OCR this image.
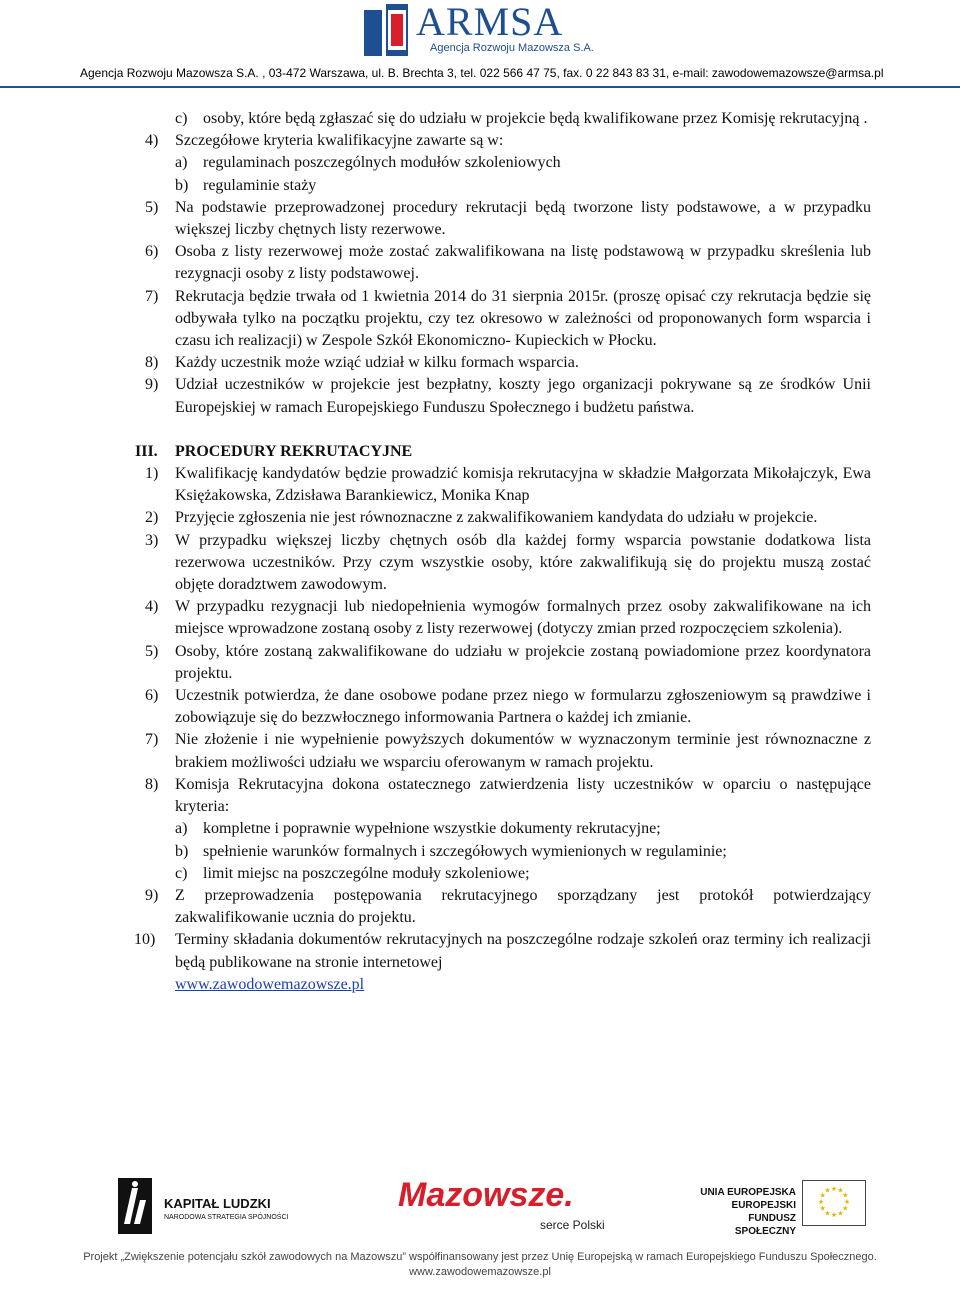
ARMSA
Agencja Rozwoju Mazowsza S.A.
Agencja Rozwoju Mazowsza S.A. , 03-472 Warszawa, ul. B. Brechta 3, tel. 022 566 47 75, fax. 0 22 843 83 31, e-mail: zawodowemazowsze@armsa.pl
c) osoby, które będą zgłaszać się do udziału w projekcie będą kwalifikowane przez Komisję rekrutacyjną .
4) Szczegółowe kryteria kwalifikacyjne zawarte są w:
a) regulaminach poszczególnych modułów szkoleniowych
b) regulaminie staży
5) Na podstawie przeprowadzonej procedury rekrutacji będą tworzone listy podstawowe, a w przypadku większej liczby chętnych listy rezerwowe.
6) Osoba z listy rezerwowej może zostać zakwalifikowana na listę podstawową w przypadku skreślenia lub rezygnacji osoby z listy podstawowej.
7) Rekrutacja będzie trwała od 1 kwietnia 2014 do 31 sierpnia 2015r. (proszę opisać czy rekrutacja będzie się odbywała tylko na początku projektu, czy tez okresowo w zależności od proponowanych form wsparcia i czasu ich realizacji) w Zespole Szkół Ekonomiczno- Kupieckich w Płocku.
8) Każdy uczestnik może wziąć udział w kilku formach wsparcia.
9) Udział uczestników w projekcie jest bezpłatny, koszty jego organizacji pokrywane są ze środków Unii Europejskiej w ramach Europejskiego Funduszu Społecznego i budżetu państwa.
III. PROCEDURY REKRUTACYJNE
1) Kwalifikację kandydatów będzie prowadzić komisja rekrutacyjna w składzie Małgorzata Mikołajczyk, Ewa Księżakowska, Zdzisława Barankiewicz, Monika Knap
2) Przyjęcie zgłoszenia nie jest równoznaczne z zakwalifikowaniem kandydata do udziału w projekcie.
3) W przypadku większej liczby chętnych osób dla każdej formy wsparcia powstanie dodatkowa lista rezerwowa uczestników. Przy czym wszystkie osoby, które zakwalifikują się do projektu muszą zostać objęte doradztwem zawodowym.
4) W przypadku rezygnacji lub niedopełnienia wymogów formalnych przez osoby zakwalifikowane na ich miejsce wprowadzone zostaną osoby z listy rezerwowej (dotyczy zmian przed rozpoczęciem szkolenia).
5) Osoby, które zostaną zakwalifikowane do udziału w projekcie zostaną powiadomione przez koordynatora projektu.
6) Uczestnik potwierdza, że dane osobowe podane przez niego w formularzu zgłoszeniowym są prawdziwe i zobowiązuje się do bezzwłocznego informowania Partnera o każdej ich zmianie.
7) Nie złożenie i nie wypełnienie powyższych dokumentów w wyznaczonym terminie jest równoznaczne z brakiem możliwości udziału we wsparciu oferowanym w ramach projektu.
8) Komisja Rekrutacyjna dokona ostatecznego zatwierdzenia listy uczestników w oparciu o następujące kryteria:
a) kompletne i poprawnie wypełnione wszystkie dokumenty rekrutacyjne;
b) spełnienie warunków formalnych i szczegółowych wymienionych w regulaminie;
c) limit miejsc na poszczególne moduły szkoleniowe;
9) Z przeprowadzenia postępowania rekrutacyjnego sporządzany jest protokół potwierdzający zakwalifikowanie ucznia do projektu.
10) Terminy składania dokumentów rekrutacyjnych na poszczególne rodzaje szkoleń oraz terminy ich realizacji będą publikowane na stronie internetowej
www.zawodowemazowsze.pl
KAPITAŁ LUDZKI
NARODOWA STRATEGIA SPÓJNOŚCI
Mazowsze.
serce Polski
UNIA EUROPEJSKA
EUROPEJSKI
FUNDUSZ SPOŁECZNY
★ ★
★
★
★
★
★
★
★
★
★
★
Projekt „Zwiększenie potencjału szkół zawodowych na Mazowszu” współfinansowany jest przez Unię Europejską w ramach Europejskiego Funduszu Społecznego.
www.zawodowemazowsze.pl
